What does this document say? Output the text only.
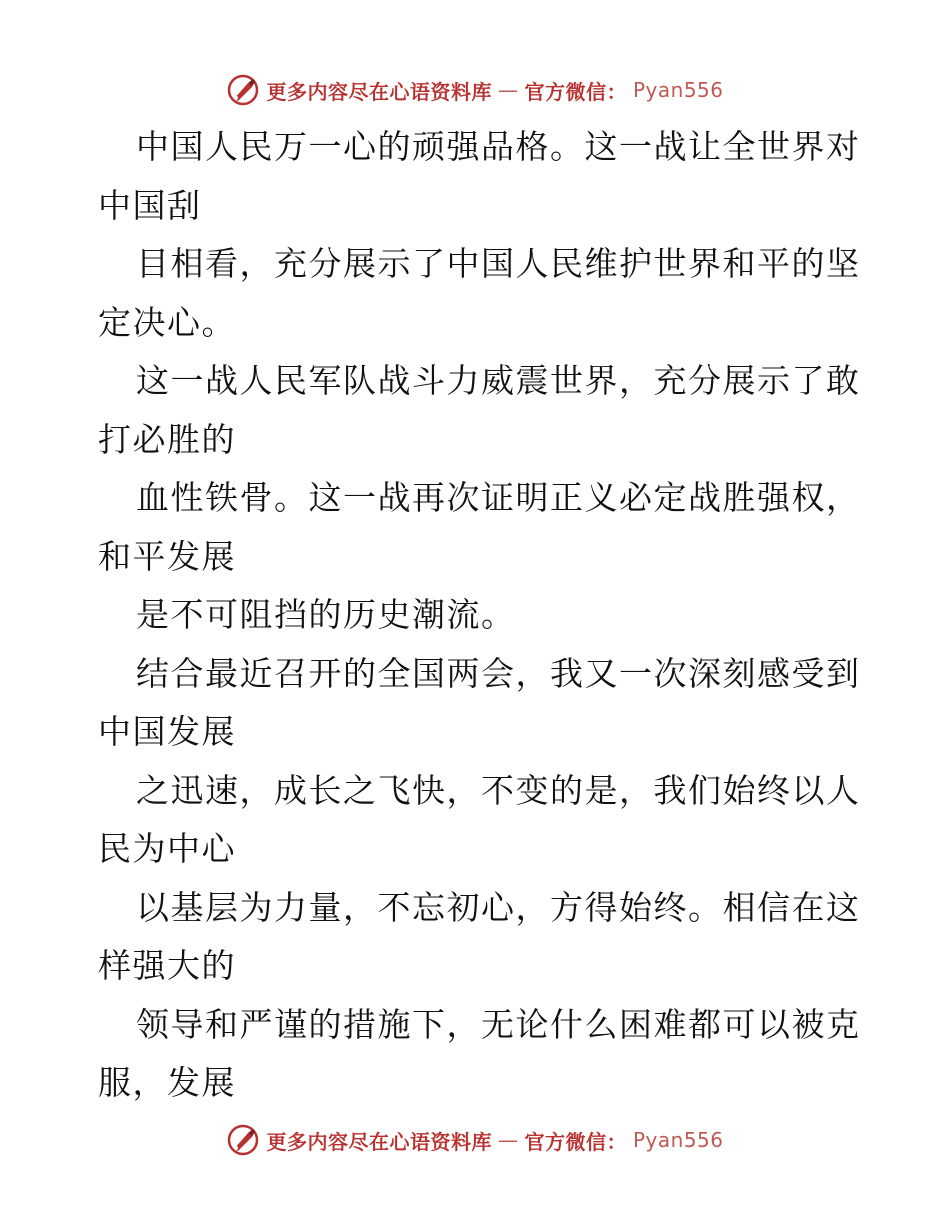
更多内容尽在心语资料库 — 官方微信： Pyan556
中国人民万一心的顽强品格。这一战让全世界对
中国刮
目相看，充分展示了中国人民维护世界和平的坚
定决心。
这一战人民军队战斗力威震世界，充分展示了敢
打必胜的
血性铁骨。这一战再次证明正义必定战胜强权，
和平发展
是不可阻挡的历史潮流。
结合最近召开的全国两会，我又一次深刻感受到
中国发展
之迅速，成长之飞快，不变的是，我们始终以人
民为中心
以基层为力量，不忘初心，方得始终。相信在这
样强大的
领导和严谨的措施下，无论什么困难都可以被克
服，发展
更多内容尽在心语资料库 — 官方微信： Pyan556
